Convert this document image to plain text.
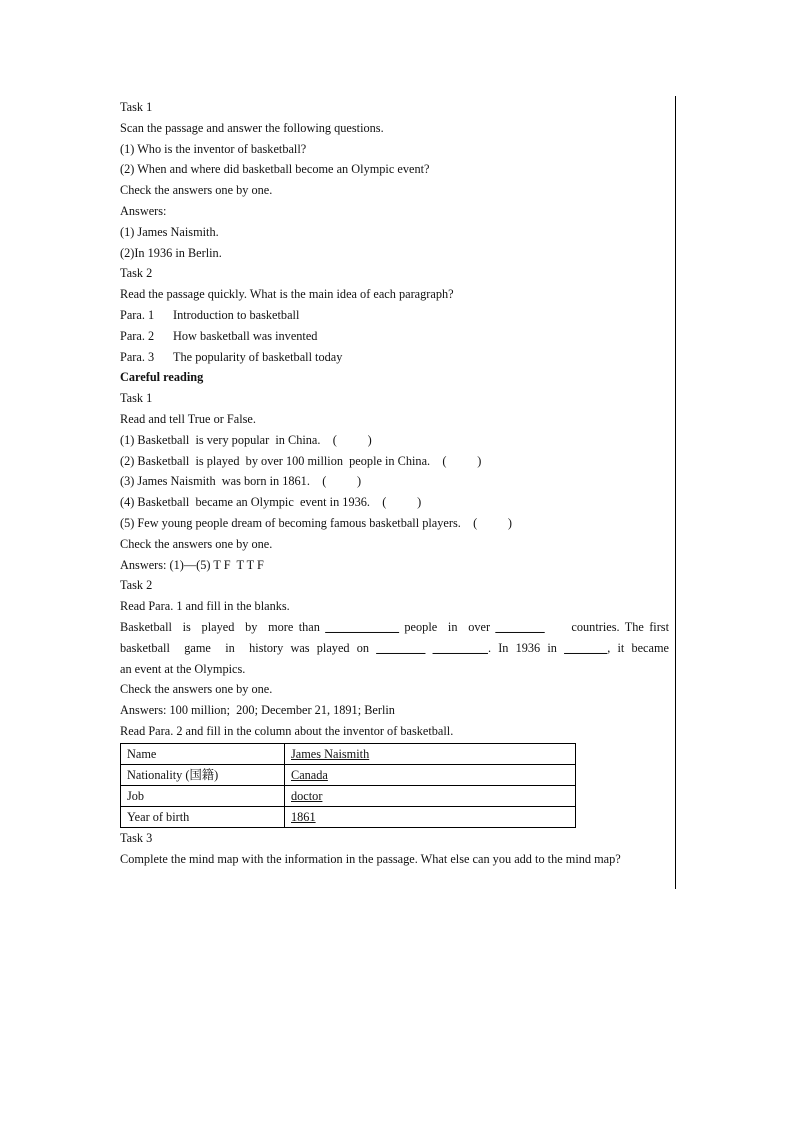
Task 1
Scan the passage and answer the following questions.
(1) Who is the inventor of basketball?
(2) When and where did basketball become an Olympic event?
Check the answers one by one.
Answers:
(1) James Naismith.
(2)In 1936 in Berlin.
Task 2
Read the passage quickly. What is the main idea of each paragraph?
Para. 1 Introduction to basketball
Para. 2 How basketball was invented
Para. 3 The popularity of basketball today
Careful reading
Task 1
Read and tell True or False.
(1) Basketball  is very popular  in China.    (          )
(2) Basketball  is played  by over 100 million  people in China.    (          )
(3) James Naismith  was born in 1861.    (          )
(4) Basketball  became an Olympic  event in 1936.    (          )
(5) Few young people dream of becoming famous basketball players.    (          )
Check the answers one by one.
Answers: (1)—(5) T F  T T F
Task 2
Read Para. 1 and fill in the blanks.
Basketball  is  played  by  more than ____________ people  in  over ________     countries. The first
basketball  game  in  history was played on ________ _________. In 1936 in _______, it became
an event at the Olympics.
Check the answers one by one.
Answers: 100 million;  200; December 21, 1891; Berlin
Read Para. 2 and fill in the column about the inventor of basketball.
Name	James Naismith
Nationality (国籍)	Canada
Job	doctor
Year of birth	1861
Task 3
Complete the mind map with the information in the passage. What else can you add to the mind map?
